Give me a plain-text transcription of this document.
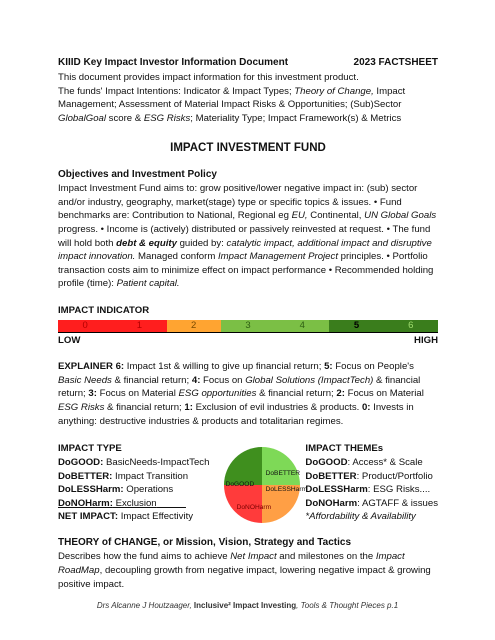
KIIID Key Impact Investor Information Document	2023 FACTSHEET

This document provides impact information for this investment product.
The funds' Impact Intentions: Indicator & Impact Types; Theory of Change, Impact Management; Assessment of Material Impact Risks & Opportunities; (Sub)Sector GlobalGoal score & ESG Risks; Materiality Type; Impact Framework(s) & Metrics

IMPACT INVESTMENT FUND
Objectives and Investment Policy

Impact Investment Fund aims to: grow positive/lower negative impact in: (sub) sector and/or industry, geography, market(stage) type or specific topics & issues. • Fund benchmarks are: Contribution to National, Regional eg EU, Continental, UN Global Goals progress. • Income is (actively) distributed or passively reinvested at request. • The fund will hold both debt & equity guided by: catalytic impact, additional impact and disruptive impact innovation. Managed conform Impact Management Project principles. • Portfolio transaction costs aim to minimize effect on impact performance • Recommended holding profile (time): Patient capital.

IMPACT INDICATOR
0	1	2	3	4	5	6
LOW	HIGH

EXPLAINER 6: Impact 1st & willing to give up financial return; 5: Focus on People's Basic Needs & financial return; 4: Focus on Global Solutions (ImpactTech) & financial return; 3: Focus on Material ESG opportunities & financial return; 2: Focus on Material ESG Risks & financial return; 1: Exclusion of evil industries & products. 0: Invests in anything: destructive industries & products and totalitarian regimes.

IMPACT TYPE
DoGOOD: BasicNeeds-ImpactTech
DoBETTER: Impact Transition
DoLESSHarm: Operations
DoNOHarm: Exclusion
NET IMPACT: Impact Effectivity
DoBETTER
DoGOOD
DoLESSHarm
DoNOHarm
IMPACT THEMEs
DoGOOD: Access* & Scale
DoBETTER: Product/Portfolio
DoLESSHarm: ESG Risks....
DoNOHarm: AGTAFF & issues
*Affordability & Availability
THEORY of CHANGE, or Mission, Vision, Strategy and Tactics

Describes how the fund aims to achieve Net Impact and milestones on the Impact RoadMap, decoupling growth from negative impact, lowering negative impact & growing positive impact.

Drs Alcanne J Houtzaager, Inclusive² Impact Investing, Tools & Thought Pieces p.1
